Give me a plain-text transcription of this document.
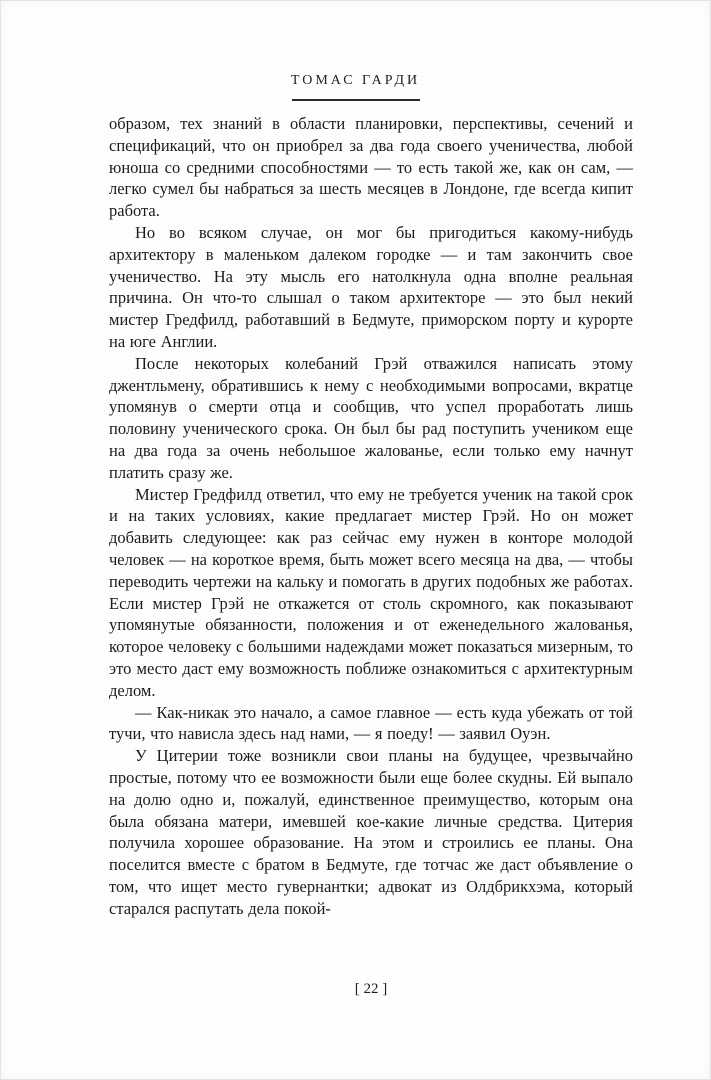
ТОМАС ГАРДИ

образом, тех знаний в области планировки, перспективы, сечений и спецификаций, что он приобрел за два года своего ученичества, любой юноша со средними способностями — то есть такой же, как он сам, — легко сумел бы набраться за шесть месяцев в Лондоне, где всегда кипит работа.

Но во всяком случае, он мог бы пригодиться какому-нибудь архитектору в маленьком далеком городке — и там закончить свое ученичество. На эту мысль его натолкнула одна вполне реальная причина. Он что-то слышал о таком архитекторе — это был некий мистер Гредфилд, работавший в Бедмуте, приморском порту и курорте на юге Англии.

После некоторых колебаний Грэй отважился написать этому джентльмену, обратившись к нему с необходимыми вопросами, вкратце упомянув о смерти отца и сообщив, что успел проработать лишь половину ученического срока. Он был бы рад поступить учеником еще на два года за очень небольшое жалованье, если только ему начнут платить сразу же.

Мистер Гредфилд ответил, что ему не требуется ученик на такой срок и на таких условиях, какие предлагает мистер Грэй. Но он может добавить следующее: как раз сейчас ему нужен в конторе молодой человек — на короткое время, быть может всего месяца на два, — чтобы переводить чертежи на кальку и помогать в других подобных же работах. Если мистер Грэй не откажется от столь скромного, как показывают упомянутые обязанности, положения и от еженедельного жалованья, которое человеку с большими надеждами может показаться мизерным, то это место даст ему возможность поближе ознакомиться с архитектурным делом.

— Как-никак это начало, а самое главное — есть куда убежать от той тучи, что нависла здесь над нами, — я поеду! — заявил Оуэн.

У Цитерии тоже возникли свои планы на будущее, чрезвычайно простые, потому что ее возможности были еще более скудны. Ей выпало на долю одно и, пожалуй, единственное преимущество, которым она была обязана матери, имевшей кое-какие личные средства. Цитерия получила хорошее образование. На этом и строились ее планы. Она поселится вместе с братом в Бедмуте, где тотчас же даст объявление о том, что ищет место гувернантки; адвокат из Олдбрикхэма, который старался распутать дела покой-

[ 22 ]
